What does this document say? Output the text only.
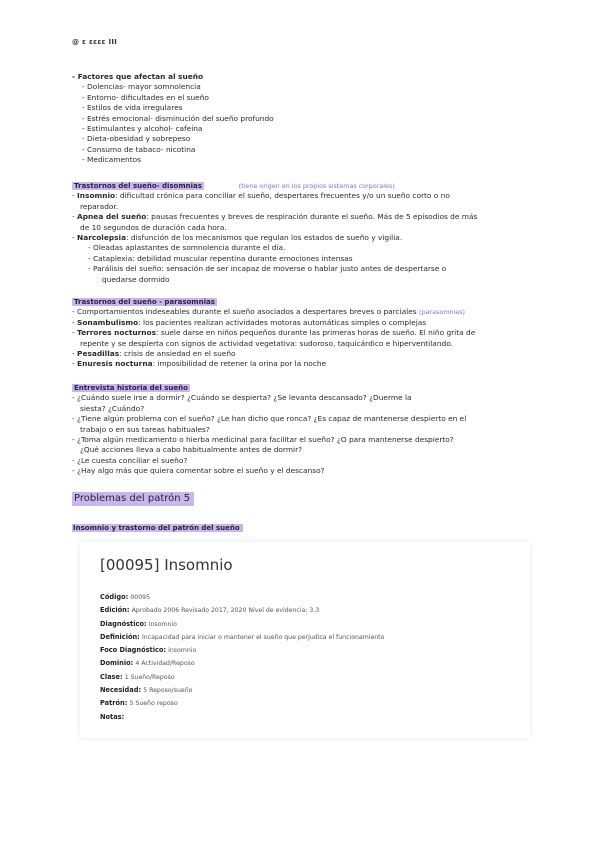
@ ԑ ԑεεε ΙΙΙ
- Factores que afectan al sueño
- Dolencias- mayor somnolencia
- Entorno- dificultades en el sueño
- Estilos de vida irregulares
- Estrés emocional- disminución del sueño profundo
- Estimulantes y alcohol- cafeína
- Dieta-obesidad y sobrepeso
- Consumo de tabaco- nicotina
- Medicamentos
Trastornos del sueño- disomnias	(tiene origen en los propios sistemas corporales)
- Insomnio: dificultad crónica para conciliar el sueño, despertares frecuentes y/o un sueño corto o no
reparador.
- Apnea del sueño: pausas frecuentes y breves de respiración durante el sueño. Más de 5 episodios de más
de 10 segundos de duración cada hora.
- Narcolepsia: disfunción de los mecanismos que regulan los estados de sueño y vigilia.
- Oleadas aplastantes de somnolencia durante el día.
- Cataplexia: debilidad muscular repentina durante emociones intensas
- Parálisis del sueño: sensación de ser incapaz de moverse o hablar justo antes de despertarse o
quedarse dormido
Trastornos del sueño - parasomnias
- Comportamientos indeseables durante el sueño asociados a despertares breves o parciales (parasomnias)
- Sonambulismo: los pacientes realizan actividades motoras automáticas simples o complejas
- Terrores nocturnos: suele darse en niños pequeños durante las primeras horas de sueño. El niño grita de
repente y se despierta con signos de actividad vegetativa: sudoroso, taquicárdico e hiperventilando.
- Pesadillas: crisis de ansiedad en el sueño
- Enuresis nocturna: imposibilidad de retener la orina por la noche
Entrevista historia del sueño
- ¿Cuándo suele irse a dormir? ¿Cuándo se despierta? ¿Se levanta descansado? ¿Duerme la
siesta? ¿Cuándo?
- ¿Tiene algún problema con el sueño? ¿Le han dicho que ronca? ¿Es capaz de mantenerse despierto en el
trabajo o en sus tareas habituales?
- ¿Toma algún medicamento o hierba medicinal para facilitar el sueño? ¿O para mantenerse despierto?
¿Qué acciones lleva a cabo habitualmente antes de dormir?
- ¿Le cuesta conciliar el sueño?
- ¿Hay algo más que quiera comentar sobre el sueño y el descanso?
Problemas del patrón 5
Insomnio y trastorno del patrón del sueño
[00095] Insomnio
Código: 00095
Edición: Aprobado 2006 Revisado 2017, 2020 Nivel de evidencia: 3.3
Diagnóstico: Insomnio
Definición: Incapacidad para iniciar o mantener el sueño que perjudica el funcionamiento
Foco Diagnóstico: insomnio
Dominio: 4 Actividad/Reposo
Clase: 1 Sueño/Reposo
Necesidad: 5 Reposo/sueño
Patrón: 5 Sueño reposo
Notas:
